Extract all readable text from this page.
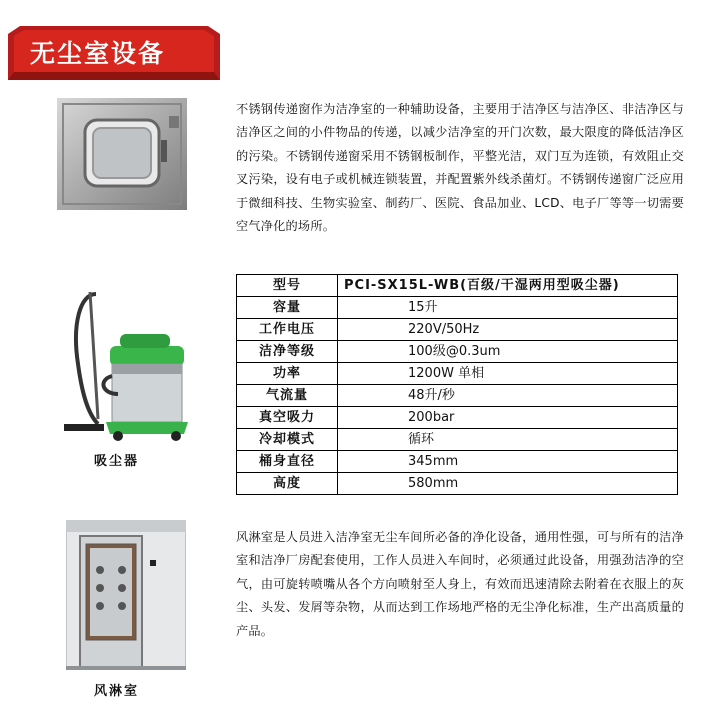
无尘室设备
不锈钢传递窗作为洁净室的一种辅助设备，主要用于洁净区与洁净区、非洁净区与洁净区之间的小件物品的传递，以减少洁净室的开门次数，最大限度的降低洁净区的污染。不锈钢传递窗采用不锈钢板制作，平整光洁，双门互为连锁，有效阻止交叉污染，设有电子或机械连锁装置，并配置紫外线杀菌灯。不锈钢传递窗广泛应用于微细科技、生物实验室、制药厂、医院、食品加业、LCD、电子厂等等一切需要空气净化的场所。
吸尘器
型号	PCI-SX15L-WB(百级/干湿两用型吸尘器)
容量	15升
工作电压	220V/50Hz
洁净等级	100级@0.3um
功率	1200W 单相
气流量	48升/秒
真空吸力	200bar
冷却模式	循环
桶身直径	345mm
高度	580mm
风淋室是人员进入洁净室无尘车间所必备的净化设备，通用性强，可与所有的洁净室和洁净厂房配套使用，工作人员进入车间时，必须通过此设备，用强劲洁净的空气，由可旋转喷嘴从各个方向喷射至人身上，有效而迅速清除去附着在衣服上的灰尘、头发、发屑等杂物，从而达到工作场地严格的无尘净化标准，生产出高质量的产品。
风淋室
